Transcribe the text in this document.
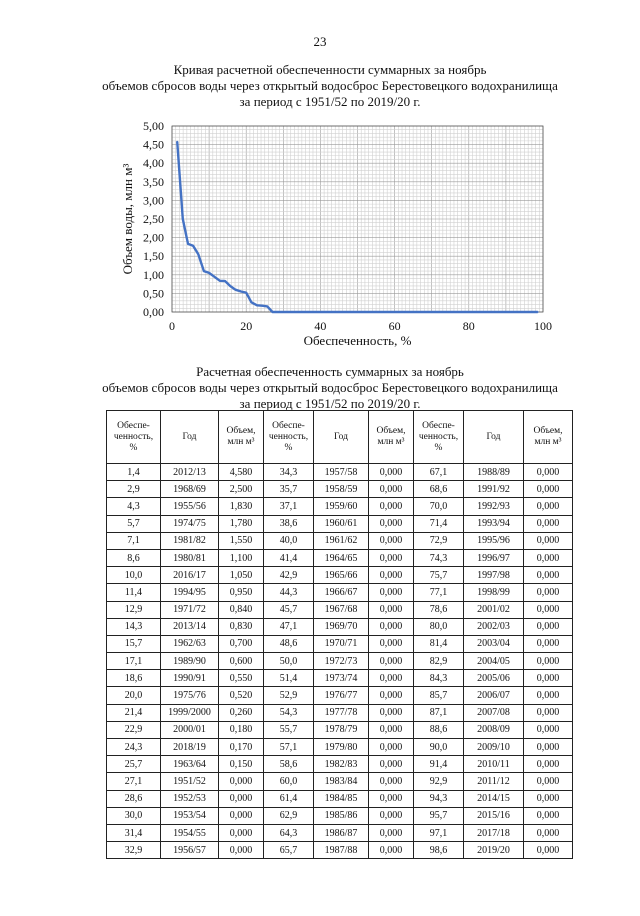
23
Кривая расчетной обеспеченности суммарных за ноябрь
объемов сбросов воды через открытый водосброс Берестовецкого водохранилища
за период с 1951/52 по 2019/20 г.
0,00
0,50
1,00
1,50
2,00
2,50
3,00
3,50
4,00
4,50
5,00
0	20	40	60	80	100
Обеспеченность, %
Объем воды, млн м³
Расчетная обеспеченность суммарных за ноябрь
объемов сбросов воды через открытый водосброс Берестовецкого водохранилища
за период с 1951/52 по 2019/20 г.
Обеспе-
ченность,
%	Год	Объем,
млн м³	Обеспе-
ченность,
%	Год	Объем,
млн м³	Обеспе-
ченность,
%	Год	Объем,
млн м³
1,4	2012/13	4,580	34,3	1957/58	0,000	67,1	1988/89	0,000
2,9	1968/69	2,500	35,7	1958/59	0,000	68,6	1991/92	0,000
4,3	1955/56	1,830	37,1	1959/60	0,000	70,0	1992/93	0,000
5,7	1974/75	1,780	38,6	1960/61	0,000	71,4	1993/94	0,000
7,1	1981/82	1,550	40,0	1961/62	0,000	72,9	1995/96	0,000
8,6	1980/81	1,100	41,4	1964/65	0,000	74,3	1996/97	0,000
10,0	2016/17	1,050	42,9	1965/66	0,000	75,7	1997/98	0,000
11,4	1994/95	0,950	44,3	1966/67	0,000	77,1	1998/99	0,000
12,9	1971/72	0,840	45,7	1967/68	0,000	78,6	2001/02	0,000
14,3	2013/14	0,830	47,1	1969/70	0,000	80,0	2002/03	0,000
15,7	1962/63	0,700	48,6	1970/71	0,000	81,4	2003/04	0,000
17,1	1989/90	0,600	50,0	1972/73	0,000	82,9	2004/05	0,000
18,6	1990/91	0,550	51,4	1973/74	0,000	84,3	2005/06	0,000
20,0	1975/76	0,520	52,9	1976/77	0,000	85,7	2006/07	0,000
21,4	1999/2000	0,260	54,3	1977/78	0,000	87,1	2007/08	0,000
22,9	2000/01	0,180	55,7	1978/79	0,000	88,6	2008/09	0,000
24,3	2018/19	0,170	57,1	1979/80	0,000	90,0	2009/10	0,000
25,7	1963/64	0,150	58,6	1982/83	0,000	91,4	2010/11	0,000
27,1	1951/52	0,000	60,0	1983/84	0,000	92,9	2011/12	0,000
28,6	1952/53	0,000	61,4	1984/85	0,000	94,3	2014/15	0,000
30,0	1953/54	0,000	62,9	1985/86	0,000	95,7	2015/16	0,000
31,4	1954/55	0,000	64,3	1986/87	0,000	97,1	2017/18	0,000
32,9	1956/57	0,000	65,7	1987/88	0,000	98,6	2019/20	0,000
